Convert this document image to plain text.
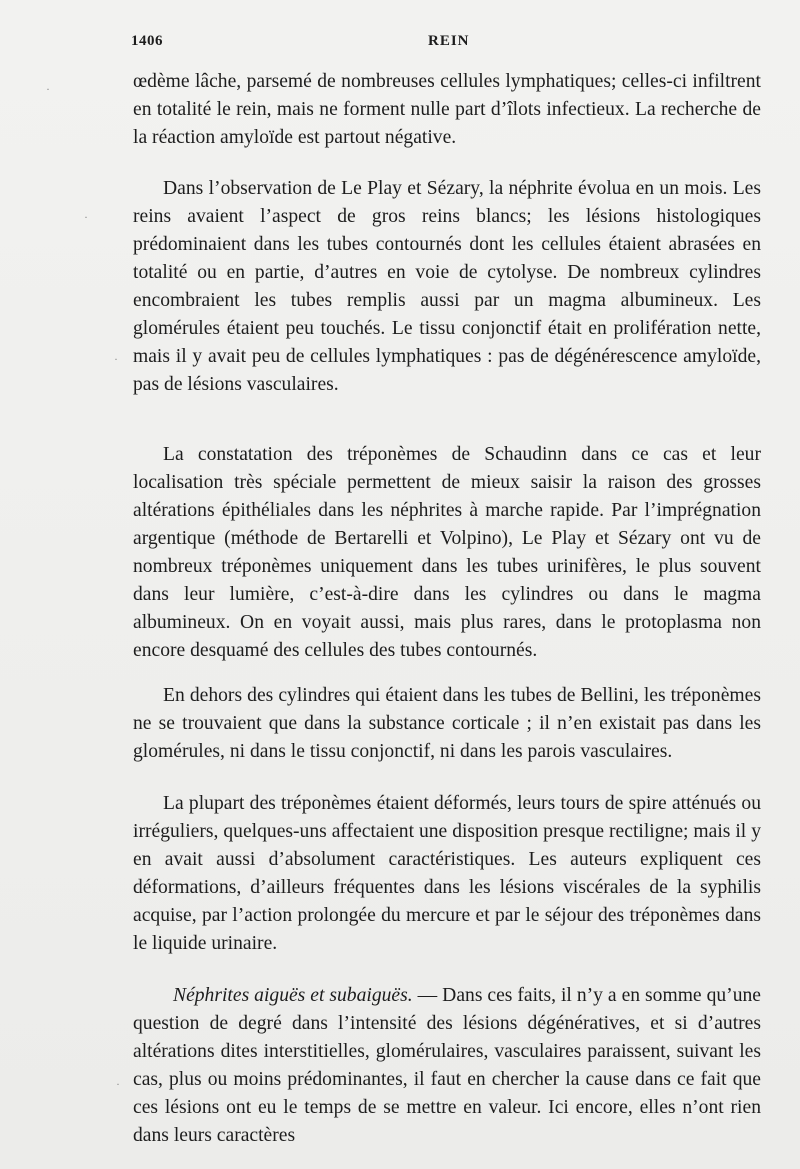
1406	REIN

œdème lâche, parsemé de nombreuses cellules lymphatiques; celles-ci infiltrent en totalité le rein, mais ne forment nulle part d’îlots infectieux. La recherche de la réaction amyloïde est partout négative.

Dans l’observation de Le Play et Sézary, la néphrite évolua en un mois. Les reins avaient l’aspect de gros reins blancs; les lésions histologiques prédominaient dans les tubes contournés dont les cellules étaient abrasées en totalité ou en partie, d’autres en voie de cytolyse. De nombreux cylindres encombraient les tubes remplis aussi par un magma albumineux. Les glomérules étaient peu touchés. Le tissu conjonctif était en prolifération nette, mais il y avait peu de cellules lymphatiques : pas de dégénérescence amyloïde, pas de lésions vasculaires.

La constatation des tréponèmes de Schaudinn dans ce cas et leur localisation très spéciale permettent de mieux saisir la raison des grosses altérations épithéliales dans les néphrites à marche rapide. Par l’imprégnation argentique (méthode de Bertarelli et Volpino), Le Play et Sézary ont vu de nombreux tréponèmes uniquement dans les tubes urinifères, le plus souvent dans leur lumière, c’est-à-dire dans les cylindres ou dans le magma albumineux. On en voyait aussi, mais plus rares, dans le protoplasma non encore desquamé des cellules des tubes contournés.

En dehors des cylindres qui étaient dans les tubes de Bellini, les tréponèmes ne se trouvaient que dans la substance corticale ; il n’en existait pas dans les glomérules, ni dans le tissu conjonctif, ni dans les parois vasculaires.

La plupart des tréponèmes étaient déformés, leurs tours de spire atténués ou irréguliers, quelques-uns affectaient une disposition presque rectiligne; mais il y en avait aussi d’absolument caractéristiques. Les auteurs expliquent ces déformations, d’ailleurs fréquentes dans les lésions viscérales de la syphilis acquise, par l’action prolongée du mercure et par le séjour des tréponèmes dans le liquide urinaire.

Néphrites aiguës et subaiguës. — Dans ces faits, il n’y a en somme qu’une question de degré dans l’intensité des lésions dégénératives, et si d’autres altérations dites interstitielles, glomérulaires, vasculaires paraissent, suivant les cas, plus ou moins prédominantes, il faut en chercher la cause dans ce fait que ces lésions ont eu le temps de se mettre en valeur. Ici encore, elles n’ont rien dans leurs caractères

·
·
·
·
